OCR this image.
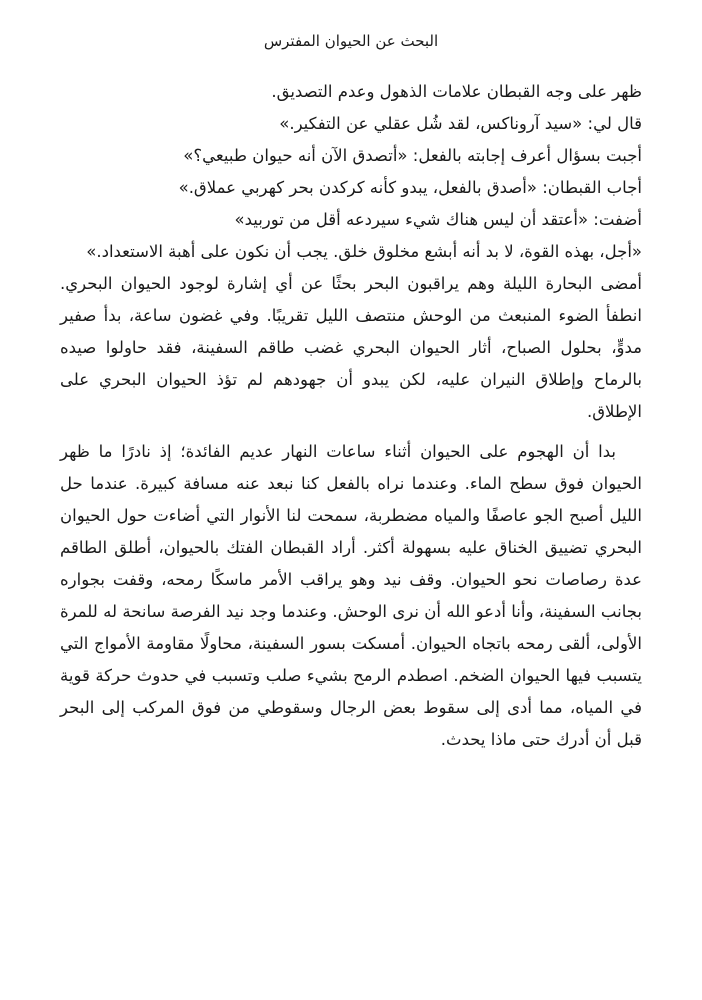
البحث عن الحيوان المفترس

ظهر على وجه القبطان علامات الذهول وعدم التصديق.

قال لي: «سيد آروناكس، لقد شُل عقلي عن التفكير.»

أجبت بسؤال أعرف إجابته بالفعل: «أتصدق الآن أنه حيوان طبيعي؟»

أجاب القبطان: «أصدق بالفعل، يبدو كأنه كركدن بحر كهربي عملاق.»

أضفت: «أعتقد أن ليس هناك شيء سيردعه أقل من توربيد»

«أجل، بهذه القوة، لا بد أنه أبشع مخلوق خلق. يجب أن نكون على أهبة الاستعداد.»

أمضى البحارة الليلة وهم يراقبون البحر بحثًا عن أي إشارة لوجود الحيوان البحري. انطفأ الضوء المنبعث من الوحش منتصف الليل تقريبًا. وفي غضون ساعة، بدأ صفير مدوٍّ، بحلول الصباح، أثار الحيوان البحري غضب طاقم السفينة، فقد حاولوا صيده بالرماح وإطلاق النيران عليه، لكن يبدو أن جهودهم لم تؤذ الحيوان البحري على الإطلاق.

بدا أن الهجوم على الحيوان أثناء ساعات النهار عديم الفائدة؛ إذ نادرًا ما ظهر الحيوان فوق سطح الماء. وعندما نراه بالفعل كنا نبعد عنه مسافة كبيرة. عندما حل الليل أصبح الجو عاصفًا والمياه مضطربة، سمحت لنا الأنوار التي أضاءت حول الحيوان البحري تضييق الخناق عليه بسهولة أكثر. أراد القبطان الفتك بالحيوان، أطلق الطاقم عدة رصاصات نحو الحيوان. وقف نيد وهو يراقب الأمر ماسكًا رمحه، وقفت بجواره بجانب السفينة، وأنا أدعو الله أن نرى الوحش. وعندما وجد نيد الفرصة سانحة له للمرة الأولى، ألقى رمحه باتجاه الحيوان. أمسكت بسور السفينة، محاولًا مقاومة الأمواج التي يتسبب فيها الحيوان الضخم. اصطدم الرمح بشيء صلب وتسبب في حدوث حركة قوية في المياه، مما أدى إلى سقوط بعض الرجال وسقوطي من فوق المركب إلى البحر قبل أن أدرك حتى ماذا يحدث.
